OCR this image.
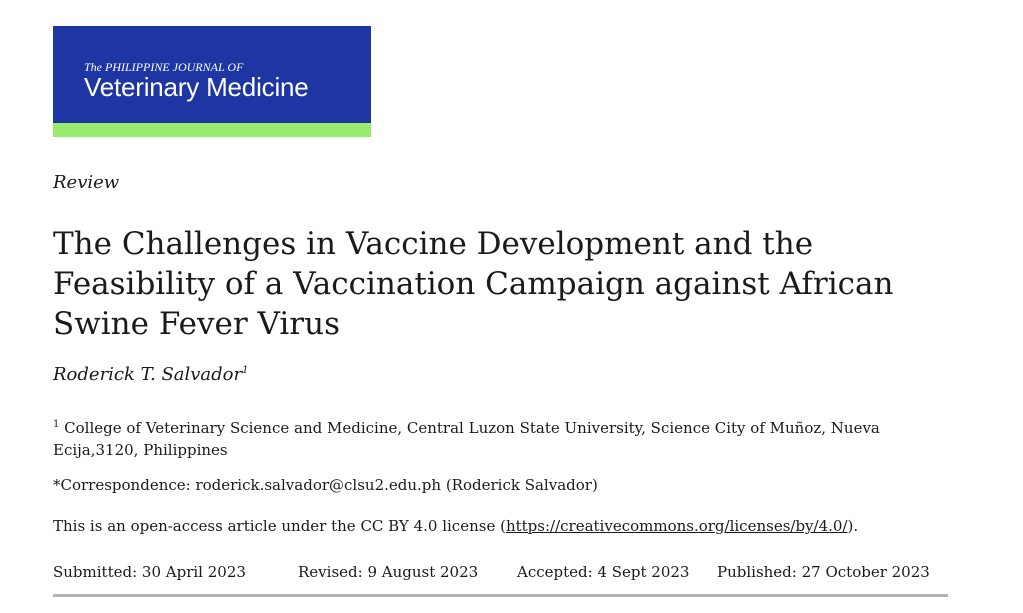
The PHILIPPINE JOURNAL OF
Veterinary Medicine
Review
The Challenges in Vaccine Development and the Feasibility of a Vaccination Campaign against African Swine Fever Virus
Roderick T. Salvador$^1$
$^1$ College of Veterinary Science and Medicine, Central Luzon State University, Science City of Muñoz, Nueva Ecija,3120, Philippines
*Correspondence: roderick.salvador@clsu2.edu.ph (Roderick Salvador)
This is an open-access article under the CC BY 4.0 license (https://creativecommons.org/licenses/by/4.0/).
Submitted: 30 April 2023	Revised: 9 August 2023	Accepted: 4 Sept 2023 Published: 27 October 2023
